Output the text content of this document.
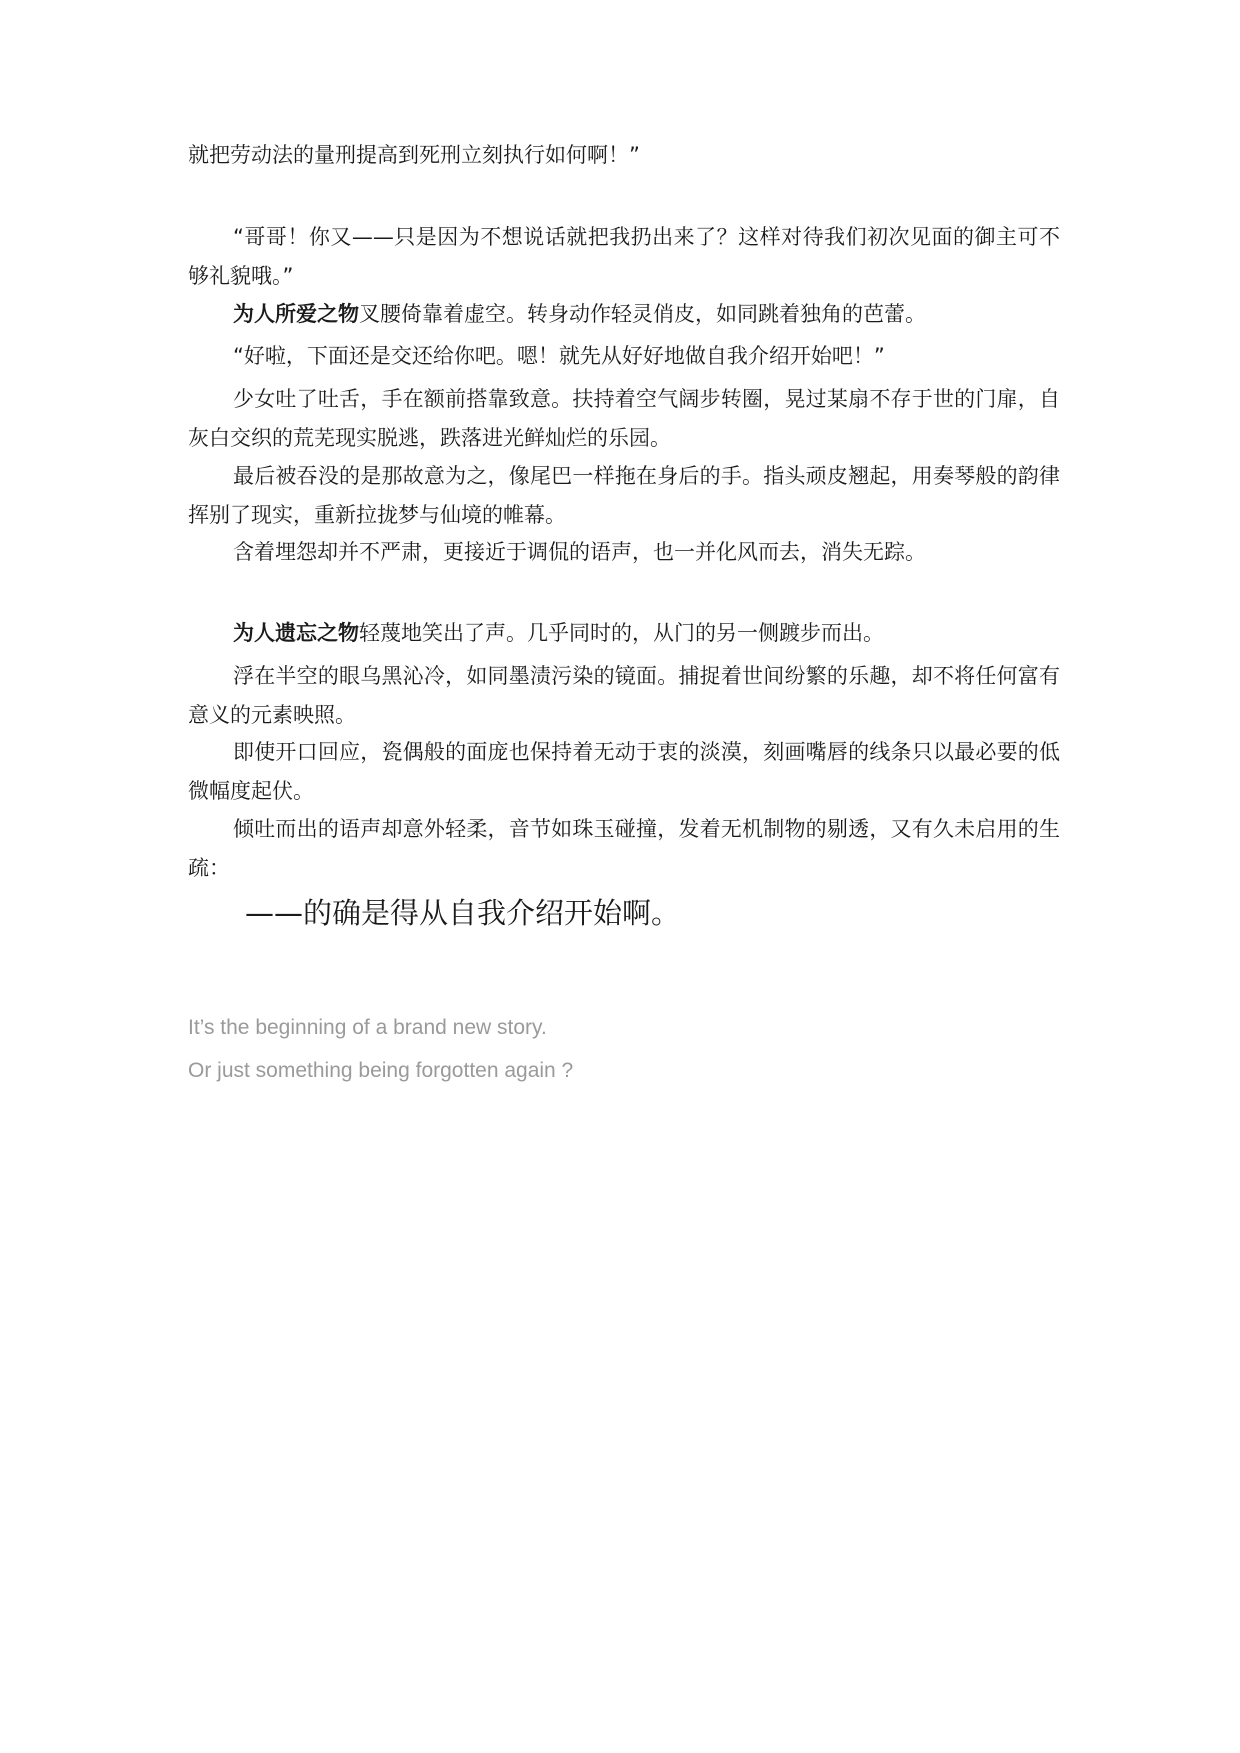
就把劳动法的量刑提高到死刑立刻执行如何啊！”

“哥哥！你又——只是因为不想说话就把我扔出来了？这样对待我们初次见面的御主可不够礼貌哦。”

为人所爱之物叉腰倚靠着虚空。转身动作轻灵俏皮，如同跳着独角的芭蕾。

“好啦，下面还是交还给你吧。嗯！就先从好好地做自我介绍开始吧！”

少女吐了吐舌，手在额前搭靠致意。扶持着空气阔步转圈，晃过某扇不存于世的门扉，自灰白交织的荒芜现实脱逃，跌落进光鲜灿烂的乐园。

最后被吞没的是那故意为之，像尾巴一样拖在身后的手。指头顽皮翘起，用奏琴般的韵律挥别了现实，重新拉拢梦与仙境的帷幕。

含着埋怨却并不严肃，更接近于调侃的语声，也一并化风而去，消失无踪。

为人遗忘之物轻蔑地笑出了声。几乎同时的，从门的另一侧踱步而出。

浮在半空的眼乌黑沁冷，如同墨渍污染的镜面。捕捉着世间纷繁的乐趣，却不将任何富有意义的元素映照。

即使开口回应，瓷偶般的面庞也保持着无动于衷的淡漠，刻画嘴唇的线条只以最必要的低微幅度起伏。

倾吐而出的语声却意外轻柔，音节如珠玉碰撞，发着无机制物的剔透，又有久未启用的生疏：

——的确是得从自我介绍开始啊。

It’s the beginning of a brand new story.

Or just something being forgotten again ?
